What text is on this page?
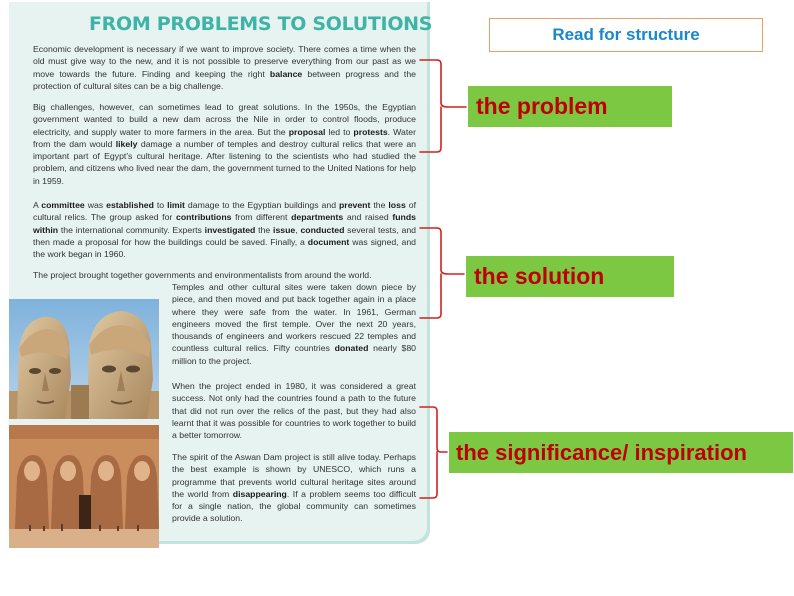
FROM PROBLEMS TO SOLUTIONS

Economic development is necessary if we want to improve society. There comes a time when the old must give way to the new, and it is not possible to preserve everything from our past as we move towards the future. Finding and keeping the right balance between progress and the protection of cultural sites can be a big challenge.

Big challenges, however, can sometimes lead to great solutions. In the 1950s, the Egyptian government wanted to build a new dam across the Nile in order to control floods, produce electricity, and supply water to more farmers in the area. But the proposal led to protests. Water from the dam would likely damage a number of temples and destroy cultural relics that were an important part of Egypt's cultural heritage. After listening to the scientists who had studied the problem, and citizens who lived near the dam, the government turned to the United Nations for help in 1959.

A committee was established to limit damage to the Egyptian buildings and prevent the loss of cultural relics. The group asked for contributions from different departments and raised funds within the international community. Experts investigated the issue, conducted several tests, and then made a proposal for how the buildings could be saved. Finally, a document was signed, and the work began in 1960.

The project brought together governments and environmentalists from around the world.

Temples and other cultural sites were taken down piece by piece, and then moved and put back together again in a place where they were safe from the water. In 1961, German engineers moved the first temple. Over the next 20 years, thousands of engineers and workers rescued 22 temples and countless cultural relics. Fifty countries donated nearly $80 million to the project.

When the project ended in 1980, it was considered a great success. Not only had the countries found a path to the future that did not run over the relics of the past, but they had also learnt that it was possible for countries to work together to build a better tomorrow.

The spirit of the Aswan Dam project is still alive today. Perhaps the best example is shown by UNESCO, which runs a programme that prevents world cultural heritage sites around the world from disappearing. If a problem seems too difficult for a single nation, the global community can sometimes provide a solution.

Read for structure
the problem
the solution
the significance/ inspiration
